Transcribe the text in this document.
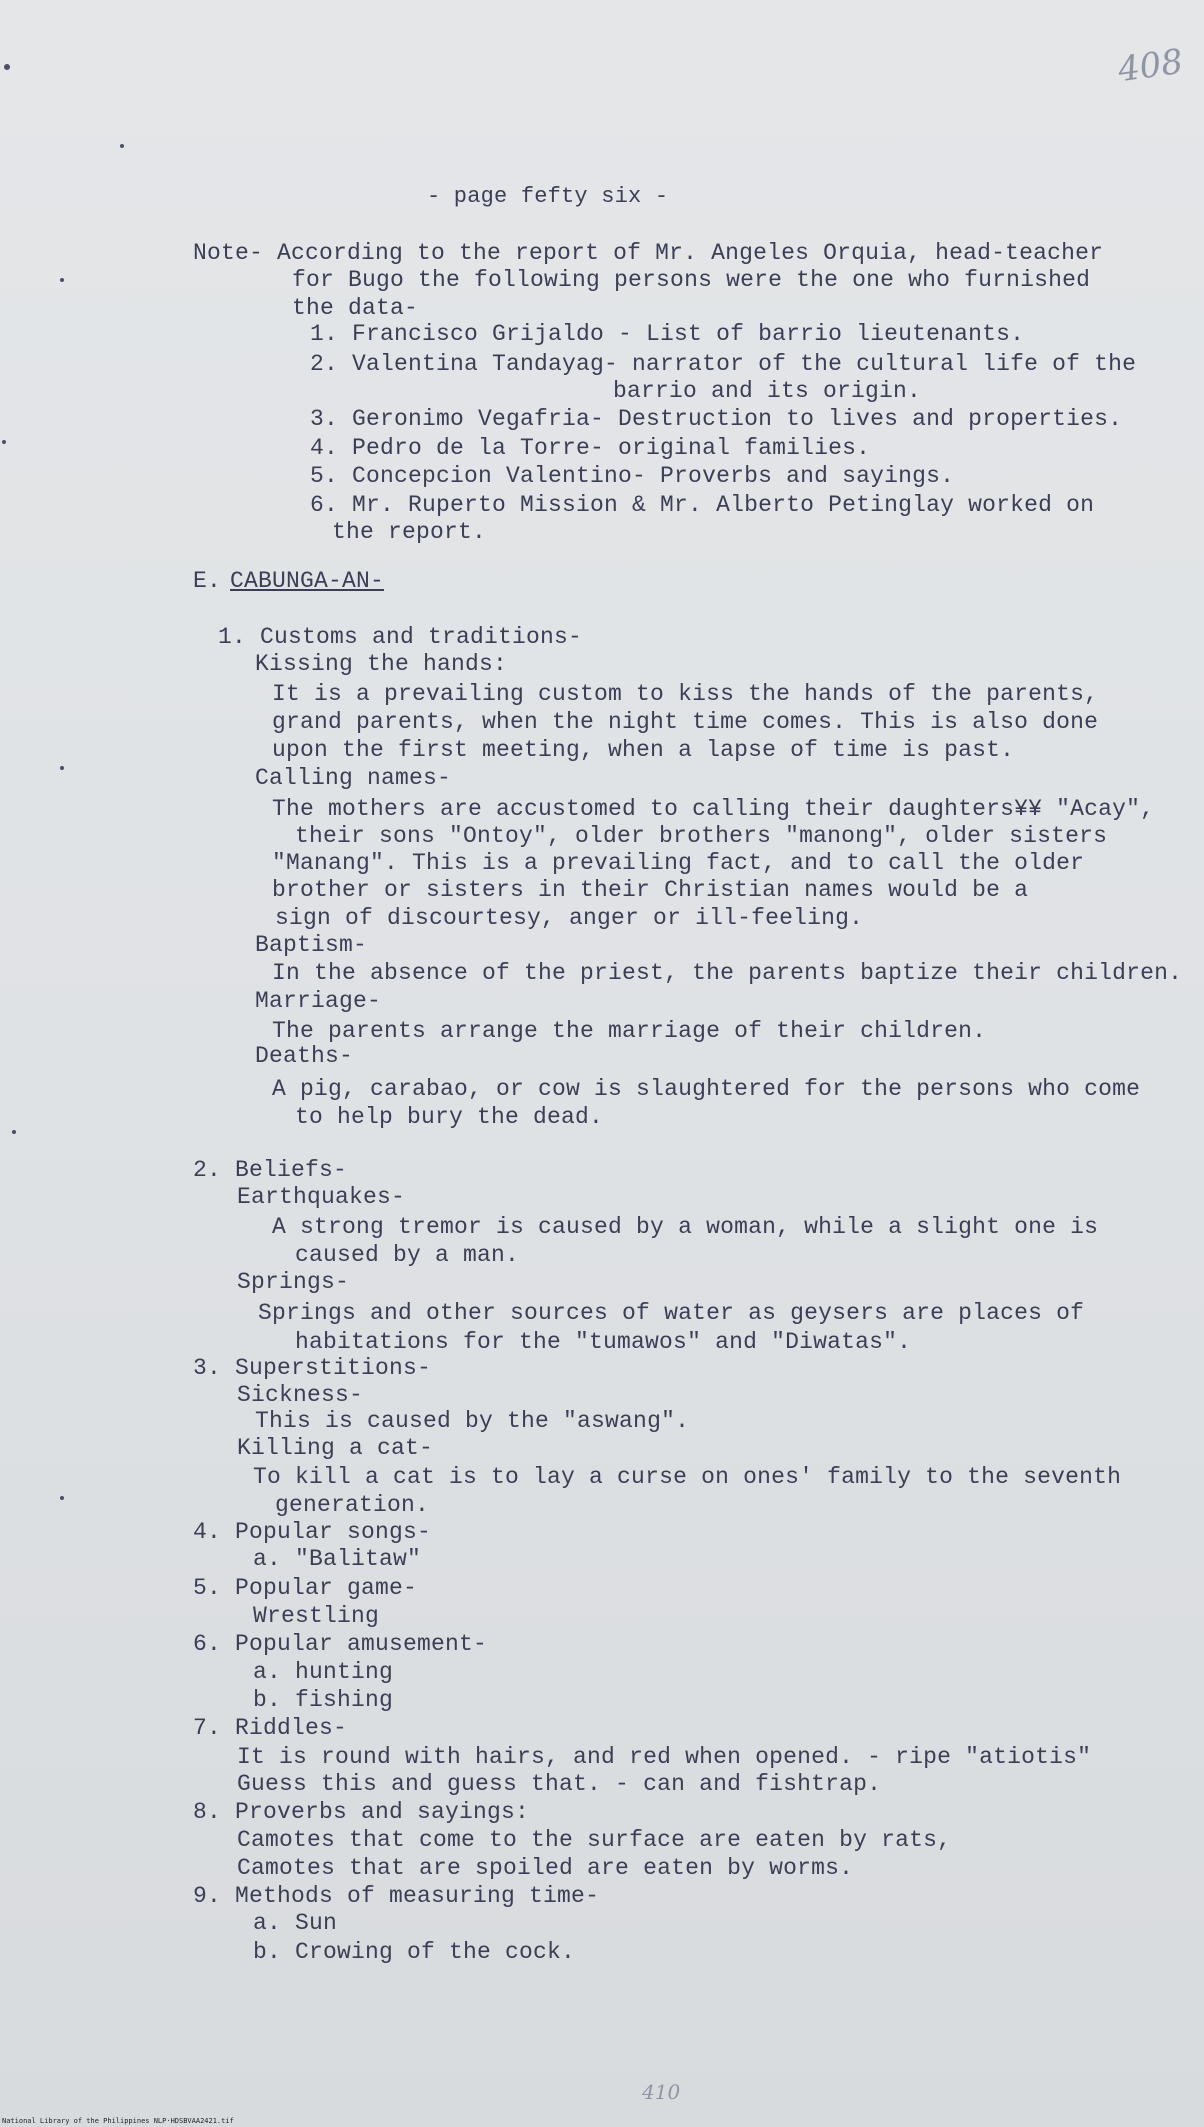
408
- page fefty six -
Note- According to the report of Mr. Angeles Orquia, head-teacher
for Bugo the following persons were the one who furnished
the data-
1. Francisco Grijaldo - List of barrio lieutenants.
2. Valentina Tandayag- narrator of the cultural life of the
barrio and its origin.
3. Geronimo Vegafria- Destruction to lives and properties.
4. Pedro de la Torre- original families.
5. Concepcion Valentino- Proverbs and sayings.
6. Mr. Ruperto Mission & Mr. Alberto Petinglay worked on
the report.
E. CABUNGA-AN-
1. Customs and traditions-
Kissing the hands:
It is a prevailing custom to kiss the hands of the parents,
grand parents, when the night time comes. This is also done
upon the first meeting, when a lapse of time is past.
Calling names-
The mothers are accustomed to calling their daughters¥¥ "Acay",
their sons "Ontoy", older brothers "manong", older sisters
"Manang". This is a prevailing fact, and to call the older
brother or sisters in their Christian names would be a
sign of discourtesy, anger or ill-feeling.
Baptism-
In the absence of the priest, the parents baptize their children.
Marriage-
The parents arrange the marriage of their children.
Deaths-
A pig, carabao, or cow is slaughtered for the persons who come
to help bury the dead.
2. Beliefs-
Earthquakes-
A strong tremor is caused by a woman, while a slight one is
caused by a man.
Springs-
Springs and other sources of water as geysers are places of
habitations for the "tumawos" and "Diwatas".
3. Superstitions-
Sickness-
This is caused by the "aswang".
Killing a cat-
To kill a cat is to lay a curse on ones' family to the seventh
generation.
4. Popular songs-
a. "Balitaw"
5. Popular game-
Wrestling
6. Popular amusement-
a. hunting
b. fishing
7. Riddles-
It is round with hairs, and red when opened. - ripe "atiotis"
Guess this and guess that. - can and fishtrap.
8. Proverbs and sayings:
Camotes that come to the surface are eaten by rats,
Camotes that are spoiled are eaten by worms.
9. Methods of measuring time-
a. Sun
b. Crowing of the cock.
410
National Library of the Philippines NLP·HDSBVAA2421.tif
